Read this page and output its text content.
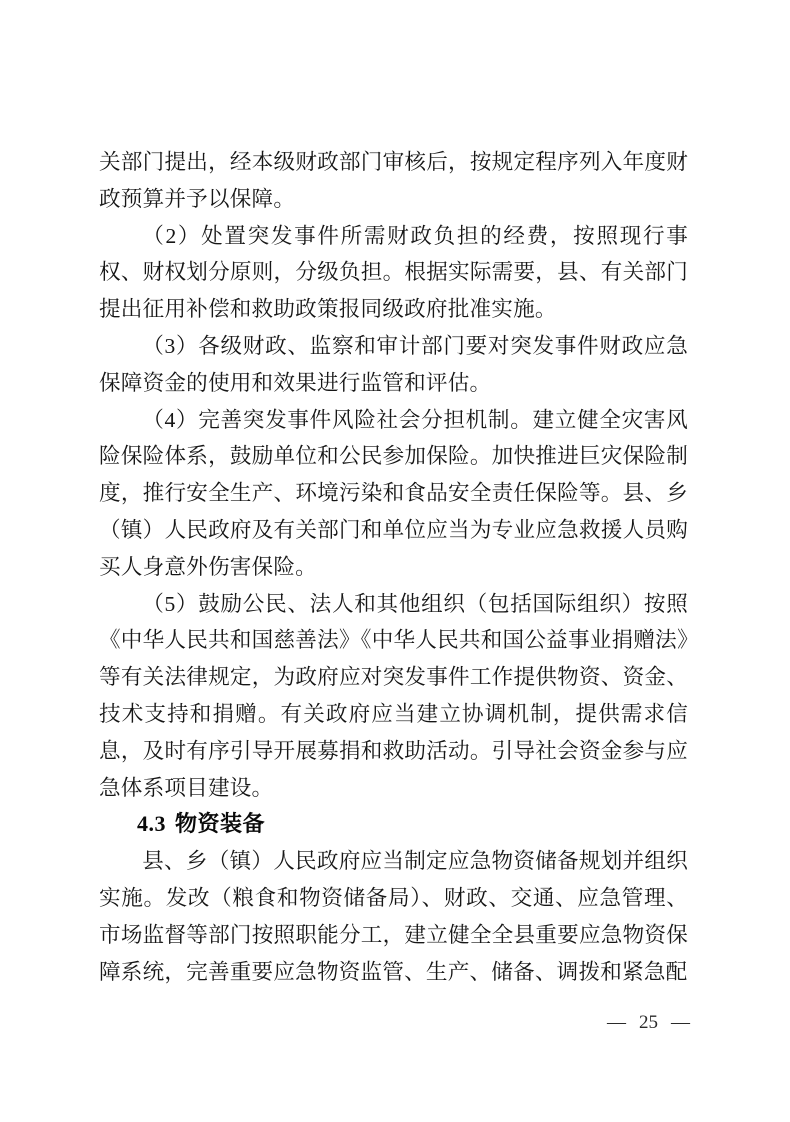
关部门提出，经本级财政部门审核后，按规定程序列入年度财政预算并予以保障。

（2）处置突发事件所需财政负担的经费，按照现行事权、财权划分原则，分级负担。根据实际需要，县、有关部门提出征用补偿和救助政策报同级政府批准实施。

（3）各级财政、监察和审计部门要对突发事件财政应急保障资金的使用和效果进行监管和评估。

（4）完善突发事件风险社会分担机制。建立健全灾害风险保险体系，鼓励单位和公民参加保险。加快推进巨灾保险制度，推行安全生产、环境污染和食品安全责任保险等。县、乡（镇）人民政府及有关部门和单位应当为专业应急救援人员购买人身意外伤害保险。

（5）鼓励公民、法人和其他组织（包括国际组织）按照《中华人民共和国慈善法》《中华人民共和国公益事业捐赠法》等有关法律规定，为政府应对突发事件工作提供物资、资金、技术支持和捐赠。有关政府应当建立协调机制，提供需求信息，及时有序引导开展募捐和救助活动。引导社会资金参与应急体系项目建设。

4.3 物资装备

县、乡（镇）人民政府应当制定应急物资储备规划并组织实施。发改（粮食和物资储备局）、财政、交通、应急管理、市场监督等部门按照职能分工，建立健全全县重要应急物资保障系统，完善重要应急物资监管、生产、储备、调拨和紧急配

— 25 —
